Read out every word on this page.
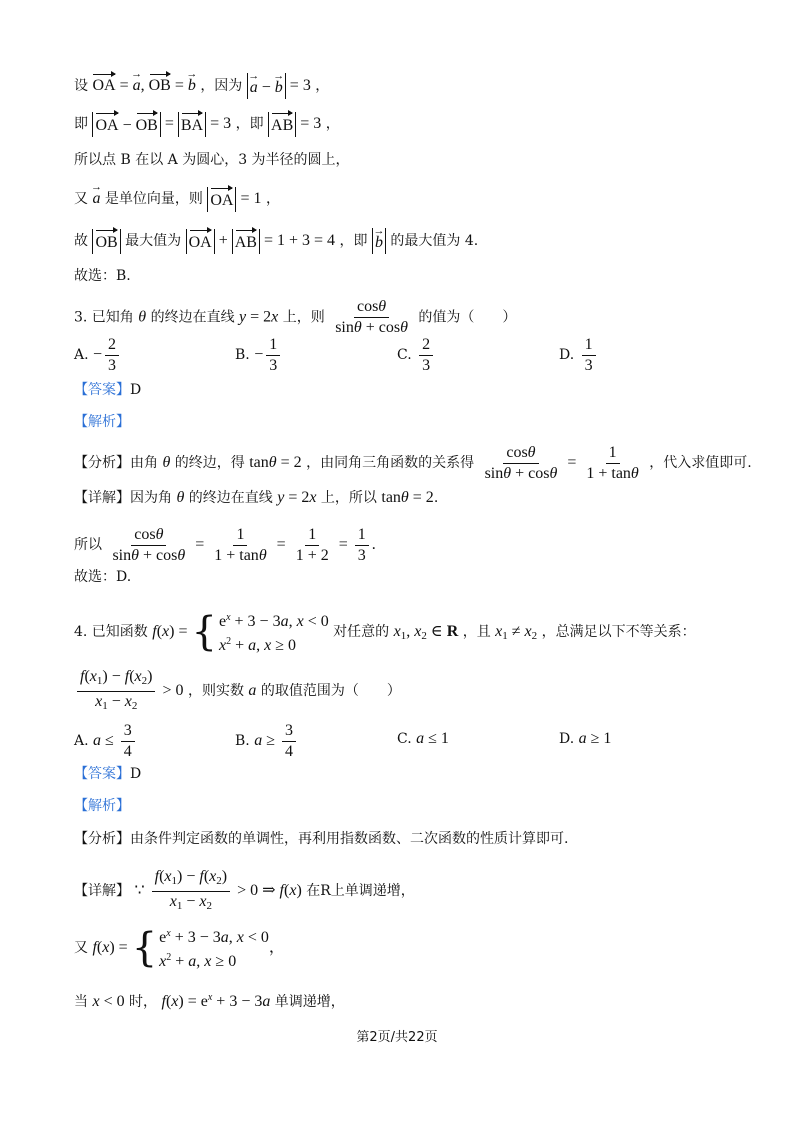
设 OA = → a, OB = → b ，因为 → a − → b = 3 ，
即 OA − OB = BA = 3 ，即 AB = 3 ，
所以点 B 在以 A 为圆心，3 为半径的圆上，
又 → a 是单位向量，则 OA = 1 ，
故 OB 最大值为 OA + AB = 1 + 3 = 4 ，即 → b 的最大值为 4.
故选：B.
3. 已知角 θ 的终边在直线 y = 2x 上，则 $\frac{\cos\theta}{\sin\theta + \cos\theta}$ 的值为（　　）
A. − $\frac{2}{3}$	B. − $\frac{1}{3}$	C. $\frac{2}{3}$	D. $\frac{1}{3}$
【答案】D
【解析】
【分析】由角 θ 的终边，得 tanθ = 2 ，由同角三角函数的关系得 $\frac{\cos\theta}{\sin\theta + \cos\theta} = \frac{1}{1 + \tan\theta}$ ，代入求值即可.
【详解】因为角 θ 的终边在直线 y = 2x 上，所以 tanθ = 2.
所以 $\frac{\cos\theta}{\sin\theta + \cos\theta} = \frac{1}{1 + \tan\theta} = \frac{1}{1 + 2} = \frac{1}{3}$ .
故选：D.
4. 已知函数 f(x) = { $e^x + 3 - 3a$, x < 0
$x^2 + a$, x ≥ 0
对任意的 $x_1$, $x_2$ ∈ R ，且 $x_1 \ne x_2$ ，总满足以下不等关系：
$\frac{f(x_1) - f(x_2)}{x_1 - x_2} > 0$ ，则实数 a 的取值范围为（　　）
A. $a \le \frac{3}{4}$	B. $a \ge \frac{3}{4}$	C. a ≤ 1	D. a ≥ 1
【答案】D
【解析】
【分析】由条件判定函数的单调性，再利用指数函数、二次函数的性质计算即可.
【详解】 ∵ $\frac{f(x_1) - f(x_2)}{x_1 - x_2} > 0$ ⇒ f(x) 在R上单调递增，
又 f(x) = { $e^x + 3 - 3a$, x < 0
$x^2 + a$, x ≥ 0
，
当 x < 0 时， $f(x) = e^x + 3 - 3a$ 单调递增，
第2页/共22页
